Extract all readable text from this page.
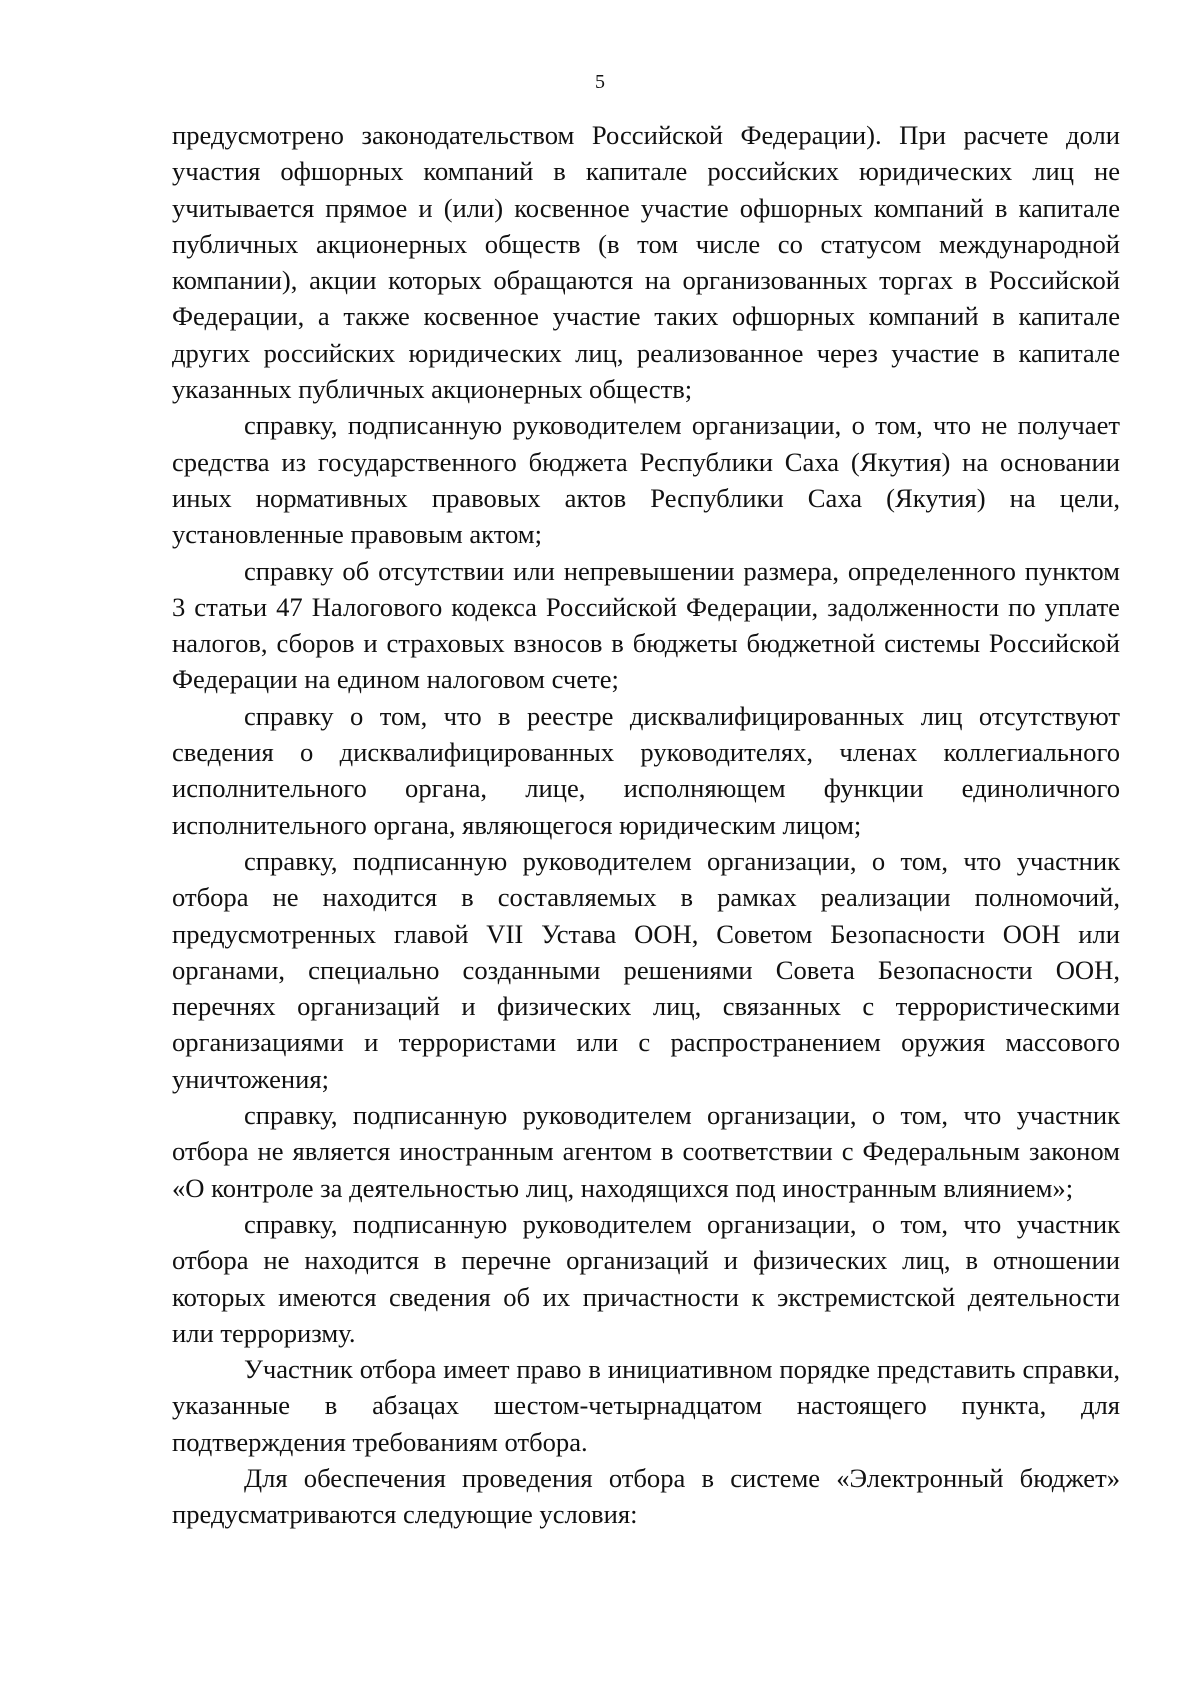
5

предусмотрено законодательством Российской Федерации). При расчете доли участия офшорных компаний в капитале российских юридических лиц не учитывается прямое и (или) косвенное участие офшорных компаний в капитале публичных акционерных обществ (в том числе со статусом международной компании), акции которых обращаются на организованных торгах в Российской Федерации, а также косвенное участие таких офшорных компаний в капитале других российских юридических лиц, реализованное через участие в капитале указанных публичных акционерных обществ;

справку, подписанную руководителем организации, о том, что не получает средства из государственного бюджета Республики Саха (Якутия) на основании иных нормативных правовых актов Республики Саха (Якутия) на цели, установленные правовым актом;

справку об отсутствии или непревышении размера, определенного пунктом 3 статьи 47 Налогового кодекса Российской Федерации, задолженности по уплате налогов, сборов и страховых взносов в бюджеты бюджетной системы Российской Федерации на едином налоговом счете;

справку о том, что в реестре дисквалифицированных лиц отсутствуют сведения о дисквалифицированных руководителях, членах коллегиального исполнительного органа, лице, исполняющем функции единоличного исполнительного органа, являющегося юридическим лицом;

справку, подписанную руководителем организации, о том, что участник отбора не находится в составляемых в рамках реализации полномочий, предусмотренных главой VII Устава ООН, Советом Безопасности ООН или органами, специально созданными решениями Совета Безопасности ООН, перечнях организаций и физических лиц, связанных с террористическими организациями и террористами или с распространением оружия массового уничтожения;

справку, подписанную руководителем организации, о том, что участник отбора не является иностранным агентом в соответствии с Федеральным законом «О контроле за деятельностью лиц, находящихся под иностранным влиянием»;

справку, подписанную руководителем организации, о том, что участник отбора не находится в перечне организаций и физических лиц, в отношении которых имеются сведения об их причастности к экстремистской деятельности или терроризму.

Участник отбора имеет право в инициативном порядке представить справки, указанные в абзацах шестом-четырнадцатом настоящего пункта, для подтверждения требованиям отбора.

Для обеспечения проведения отбора в системе «Электронный бюджет» предусматриваются следующие условия:
